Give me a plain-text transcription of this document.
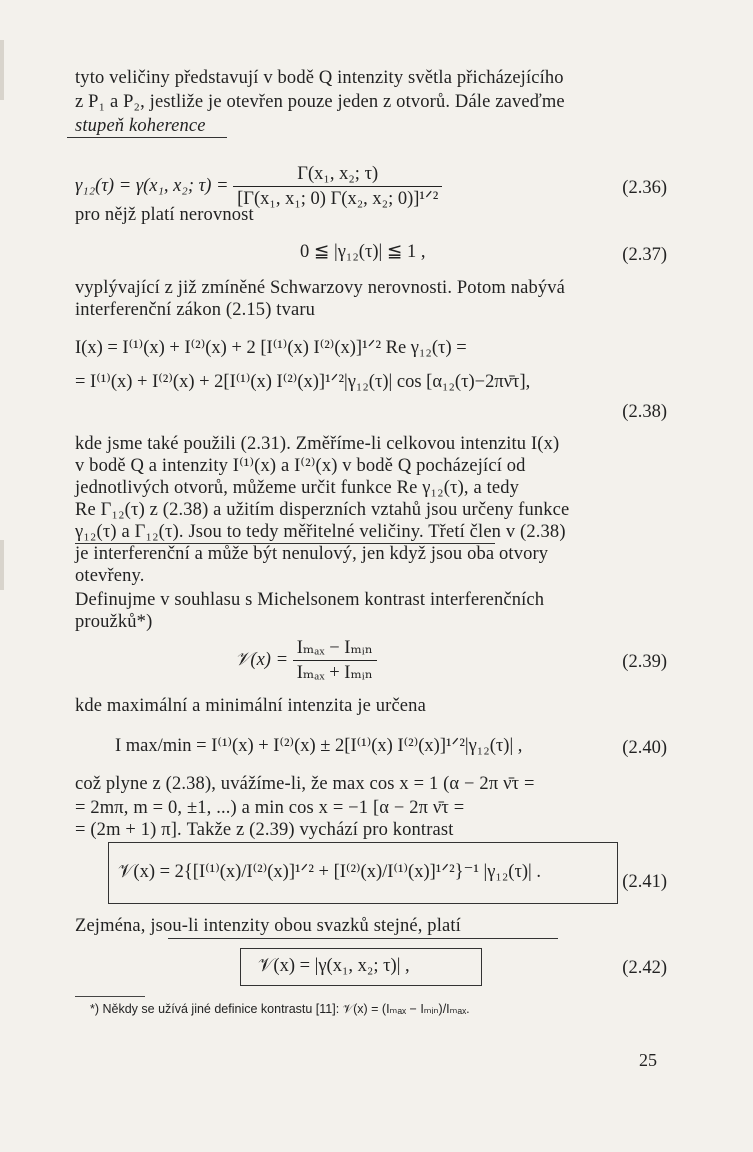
tyto veličiny představují v bodě Q intenzity světla přicházejícího
z P₁ a P₂, jestliže je otevřen pouze jeden z otvorů. Dále zaveďme
stupeň koherence
γ₁₂(τ) = γ(x₁, x₂; $\tau) = \frac{\text{Γ(x₁, x₂; τ)}}{\text{[Γ(x₁, x₁; 0) Γ(x₂, x₂; 0)]¹ᐟ²}}$	(2.36)
pro nějž platí nerovnost
0 ≦ |γ₁₂(τ)| ≦ 1 ,	(2.37)
vyplývající z již zmíněné Schwarzovy nerovnosti. Potom nabývá
interferenční zákon (2.15) tvaru
I(x) = I⁽¹⁾(x) + I⁽²⁾(x) + 2 [I⁽¹⁾(x) I⁽²⁾(x)]¹ᐟ² Re γ₁₂(τ) =
= I⁽¹⁾(x) + I⁽²⁾(x) + 2[I⁽¹⁾(x) I⁽²⁾(x)]¹ᐟ²|γ₁₂(τ)| cos [α₁₂(τ)−2πν̄τ],
(2.38)
kde jsme také použili (2.31). Změříme-li celkovou intenzitu I(x)
v bodě Q a intenzity I⁽¹⁾(x) a I⁽²⁾(x) v bodě Q pocházející od
jednotlivých otvorů, můžeme určit funkce Re γ₁₂(τ), a tedy
Re Γ₁₂(τ) z (2.38) a užitím disperzních vztahů jsou určeny funkce
γ₁₂(τ) a Γ₁₂(τ). Jsou to tedy měřitelné veličiny. Třetí člen v (2.38)
je interferenční a může být nenulový, jen když jsou oba otvory
otevřeny.
Definujme v souhlasu s Michelsonem kontrast interferenčních
proužků*)
𝒱(x) = $\frac{\text{Iₘₐₓ − Iₘᵢₙ}}{\text{Iₘₐₓ + Iₘᵢₙ}}$	(2.39)
kde maximální a minimální intenzita je určena
I max/min = I⁽¹⁾(x) + I⁽²⁾(x) ± 2[I⁽¹⁾(x) I⁽²⁾(x)]¹ᐟ²|γ₁₂(τ)| ,	(2.40)
což plyne z (2.38), uvážíme-li, že max cos x = 1 (α − 2π ν̄τ =
= 2mπ, m = 0, ±1, ...) a min cos x = −1 [α − 2π ν̄τ =
= (2m + 1) π]. Takže z (2.39) vychází pro kontrast
𝒱(x) = 2{[I⁽¹⁾(x)/I⁽²⁾(x)]¹ᐟ² + [I⁽²⁾(x)/I⁽¹⁾(x)]¹ᐟ²}⁻¹ |γ₁₂(τ)| .	(2.41)
Zejména, jsou-li intenzity obou svazků stejné, platí
𝒱(x) = |γ(x₁, x₂; τ)| ,	(2.42)
*) Někdy se užívá jiné definice kontrastu [11]: 𝒱(x) = (Iₘₐₓ − Iₘᵢₙ)/Iₘₐₓ.
25
